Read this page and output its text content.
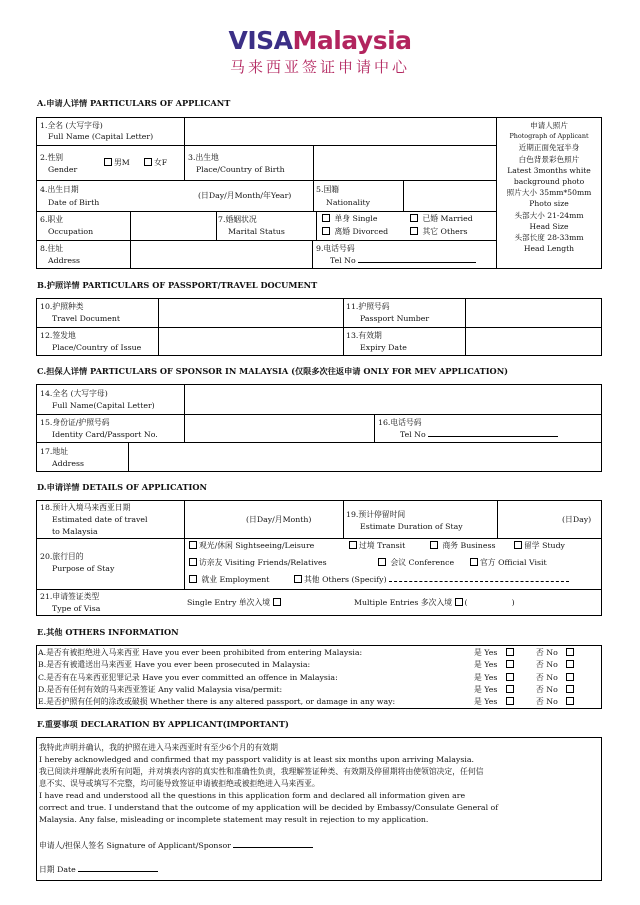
VISAMalaysia
马来西亚签证申请中心
A.申请人详情 PARTICULARS OF APPLICANT
1.全名 (大写字母)
Full Name (Capital Letter)
2.性别
Gender
男M	女F
3.出生地
Place/Country of Birth
4.出生日期
Date of Birth
(日Day/月Month/年Year)
5.国籍
Nationality
6.职业
Occupation
7.婚姻状况
Marital Status
单身 Single	已婚 Married
离婚 Divorced	其它 Others
8.住址
Address
9.电话号码
Tel No
申请人照片
Photograph of Applicant
近期正面免冠半身
白色背景彩色照片
Latest 3months white
background photo
照片大小 35mm*50mm
Photo size
头部大小 21-24mm
Head Size
头部长度 28-33mm
Head Length
B.护照详情 PARTICULARS OF PASSPORT/TRAVEL DOCUMENT
10.护照种类
Travel Document
11.护照号码
Passport Number
12.签发地
Place/Country of Issue
13.有效期
Expiry Date
C.担保人详情 PARTICULARS OF SPONSOR IN MALAYSIA (仅限多次往返申请 ONLY FOR MEV APPLICATION)
14.全名 (大写字母)
Full Name(Capital Letter)
15.身份证/护照号码
Identity Card/Passport No.
16.电话号码
Tel No
17.地址
Address
D.申请详情 DETAILS OF APPLICATION
18.预计入境马来西亚日期
Estimated date of travel
to Malaysia
(日Day/月Month)
19.预计停留时间
Estimate Duration of Stay
(日Day)
20.旅行目的
Purpose of Stay
观光/休闲 Sightseeing/Leisure	过境 Transit	商务 Business	留学 Study
访亲友 Visiting Friends/Relatives	会议 Conference	官方 Official Visit
就业 Employment	其他 Others (Specify)
21.申请签证类型
Type of Visa
Single Entry 单次入境	Multiple Entries 多次入境 (	)
E.其他 OTHERS INFORMATION
A.是否有被拒绝进入马来西亚 Have you ever been prohibited from entering Malaysia:	是 Yes	否 No
B.是否有被遣送出马来西亚 Have you ever been prosecuted in Malaysia:	是 Yes	否 No
C.是否有在马来西亚犯罪记录 Have you ever committed an offence in Malaysia:	是 Yes	否 No
D.是否有任何有效的马来西亚签证 Any valid Malaysia visa/permit:	是 Yes	否 No
E.是否护照有任何的涂改或破损 Whether there is any altered passport, or damage in any way:	是 Yes	否 No
F.重要事项 DECLARATION BY APPLICANT(IMPORTANT)
我特此声明并确认，我的护照在进入马来西亚时有至少6个月的有效期
I hereby acknowledged and confirmed that my passport validity is at least six months upon arriving Malaysia.
我已阅读并理解此表所有问题，并对填表内容的真实性和准确性负责，我理解签证种类、有效期及停留期将由使领馆决定，任何信
息不实、误导或填写不完整，均可能导致签证申请被拒绝或被拒绝进入马来西亚。
I have read and understood all the questions in this application form and declared all information given are
correct and true. I understand that the outcome of my application will be decided by Embassy/Consulate General of
Malaysia. Any false, misleading or incomplete statement may result in rejection to my application.
申请人/担保人签名 Signature of Applicant/Sponsor
日期 Date
